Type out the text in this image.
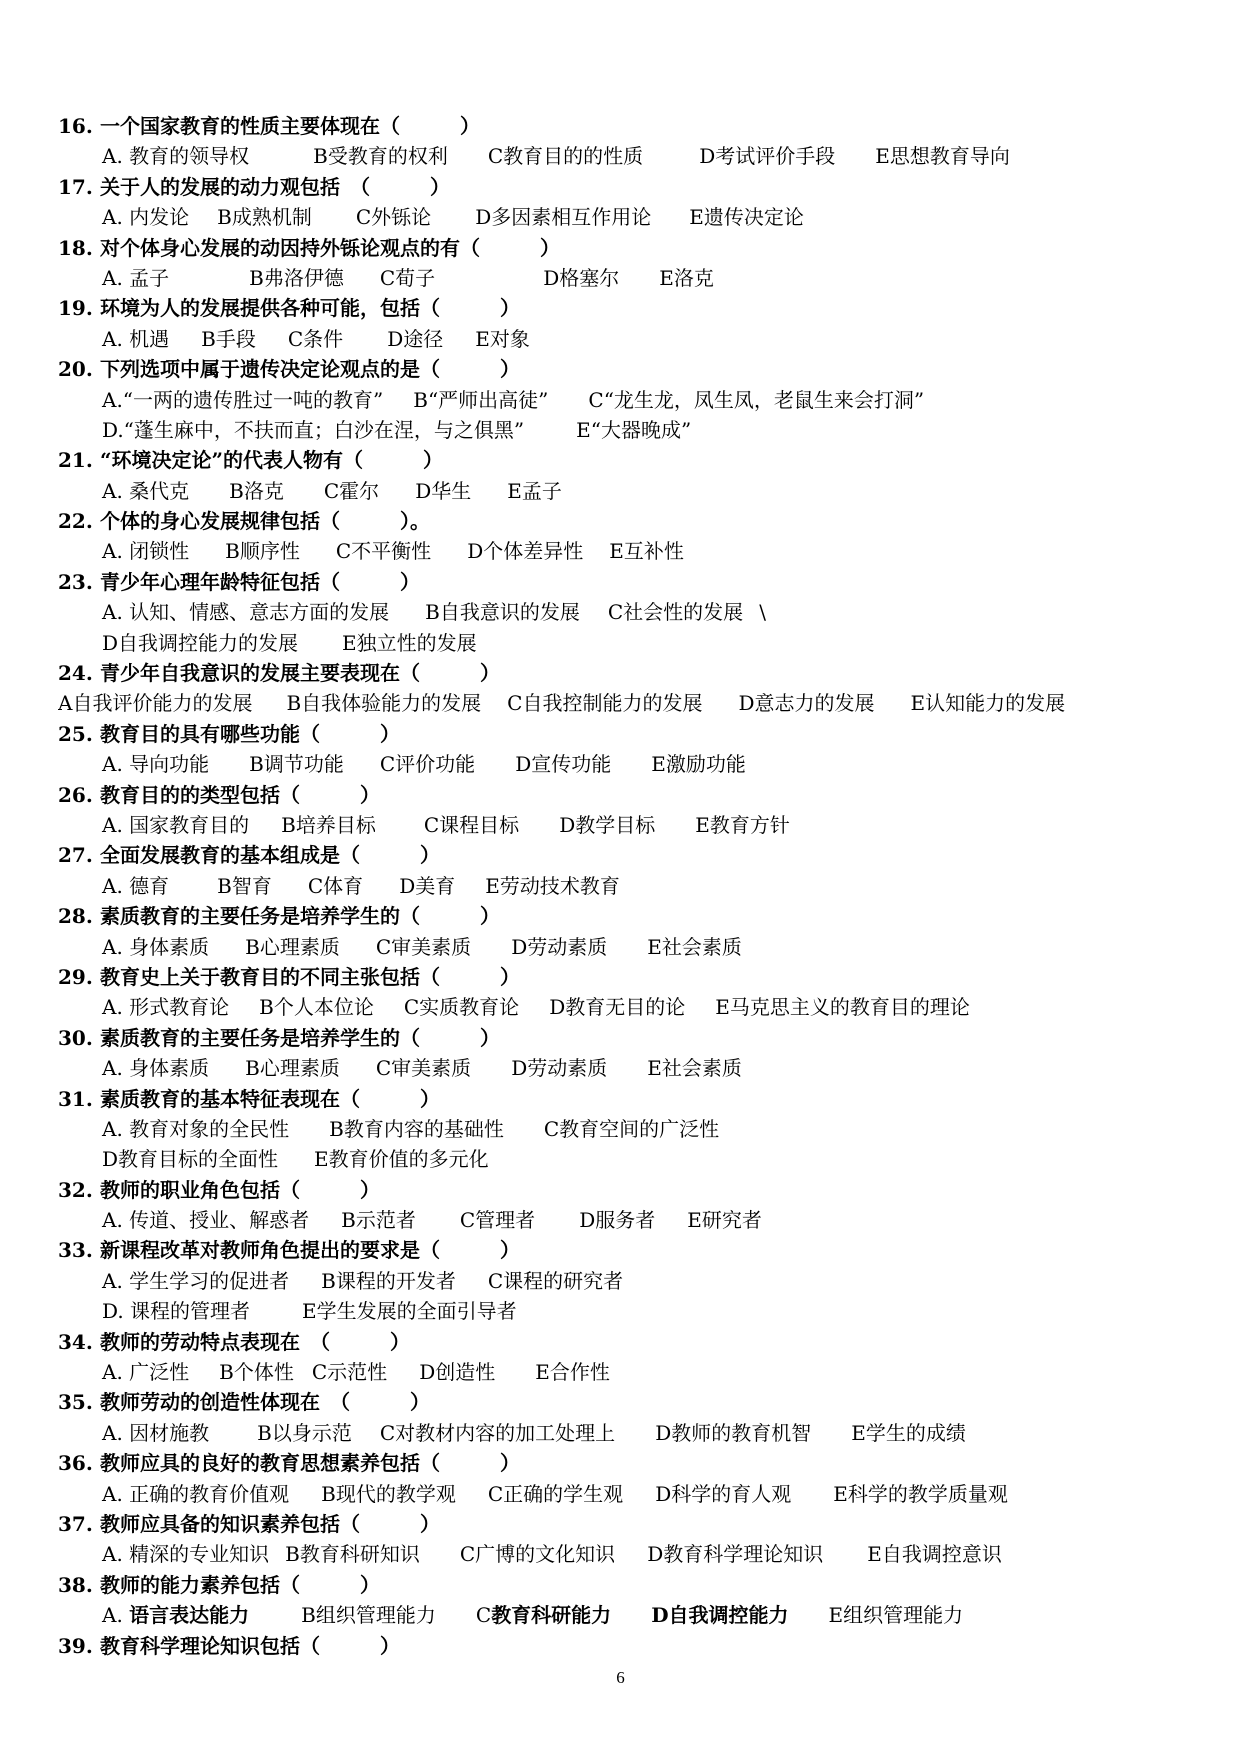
16. 一个国家教育的性质主要体现在（　　　）
A. 教育的领导权	B受教育的权利 C教育目的的性质	D考试评价手段 E思想教育导向
17. 关于人的发展的动力观包括　（　　　）
A. 内发论 B成熟机制 C外铄论 D多因素相互作用论 E遗传决定论
18. 对个体身心发展的动因持外铄论观点的有（　　　）
A. 孟子	B弗洛伊德 C荀子	D格塞尔 E洛克
19. 环境为人的发展提供各种可能，包括（　　　）
A. 机遇 B手段 C条件 D途径 E对象
20. 下列选项中属于遗传决定论观点的是（　　　）
A.“一两的遗传胜过一吨的教育” B“严师出高徒” C“龙生龙，凤生凤，老鼠生来会打洞”
D.“蓬生麻中，不扶而直；白沙在涅，与之俱黑”	E“大器晚成”
21. “环境决定论”的代表人物有（　　　）
A. 桑代克 B洛克 C霍尔 D华生 E孟子
22. 个体的身心发展规律包括（　　　）。
A. 闭锁性 B顺序性 C不平衡性 D个体差异性 E互补性
23. 青少年心理年龄特征包括（　　　）
A. 认知、情感、意志方面的发展 B自我意识的发展 C社会性的发展 \
D自我调控能力的发展 E独立性的发展
24. 青少年自我意识的发展主要表现在（　　　）
A自我评价能力的发展 B自我体验能力的发展 C自我控制能力的发展 D意志力的发展 E认知能力的发展
25. 教育目的具有哪些功能（　　　）
A. 导向功能 B调节功能 C评价功能 D宣传功能 E激励功能
26. 教育目的的类型包括（　　　）
A. 国家教育目的 B培养目标 C课程目标 D教学目标 E教育方针
27. 全面发展教育的基本组成是（　　　）
A. 德育 B智育 C体育 D美育 E劳动技术教育
28. 素质教育的主要任务是培养学生的（　　　）
A. 身体素质 B心理素质 C审美素质 D劳动素质 E社会素质
29. 教育史上关于教育目的不同主张包括（　　　）
A. 形式教育论 B个人本位论 C实质教育论 D教育无目的论 E马克思主义的教育目的理论
30. 素质教育的主要任务是培养学生的（　　　）
A. 身体素质 B心理素质 C审美素质 D劳动素质 E社会素质
31. 素质教育的基本特征表现在（　　　）
A. 教育对象的全民性 B教育内容的基础性 C教育空间的广泛性
D教育目标的全面性 E教育价值的多元化
32. 教师的职业角色包括（　　　）
A. 传道、授业、解惑者 B示范者 C管理者 D服务者 E研究者
33. 新课程改革对教师角色提出的要求是（　　　）
A. 学生学习的促进者 B课程的开发者 C课程的研究者
D. 课程的管理者	E学生发展的全面引导者
34. 教师的劳动特点表现在　（　　　）
A. 广泛性 B个体性 C示范性 D创造性 E合作性
35. 教师劳动的创造性体现在　（　　　）
A. 因材施教 B以身示范 C对教材内容的加工处理上 D教师的教育机智 E学生的成绩
36. 教师应具的良好的教育思想素养包括（　　　）
A. 正确的教育价值观 B现代的教学观 C正确的学生观 D科学的育人观 E科学的教学质量观
37. 教师应具备的知识素养包括（　　　）
A. 精深的专业知识 B教育科研知识 C广博的文化知识 D教育科学理论知识 E自我调控意识
38. 教师的能力素养包括（　　　）
A. 语言表达能力	B组织管理能力 C教育科研能力 D自我调控能力 E组织管理能力
39. 教育科学理论知识包括（　　　）
6
